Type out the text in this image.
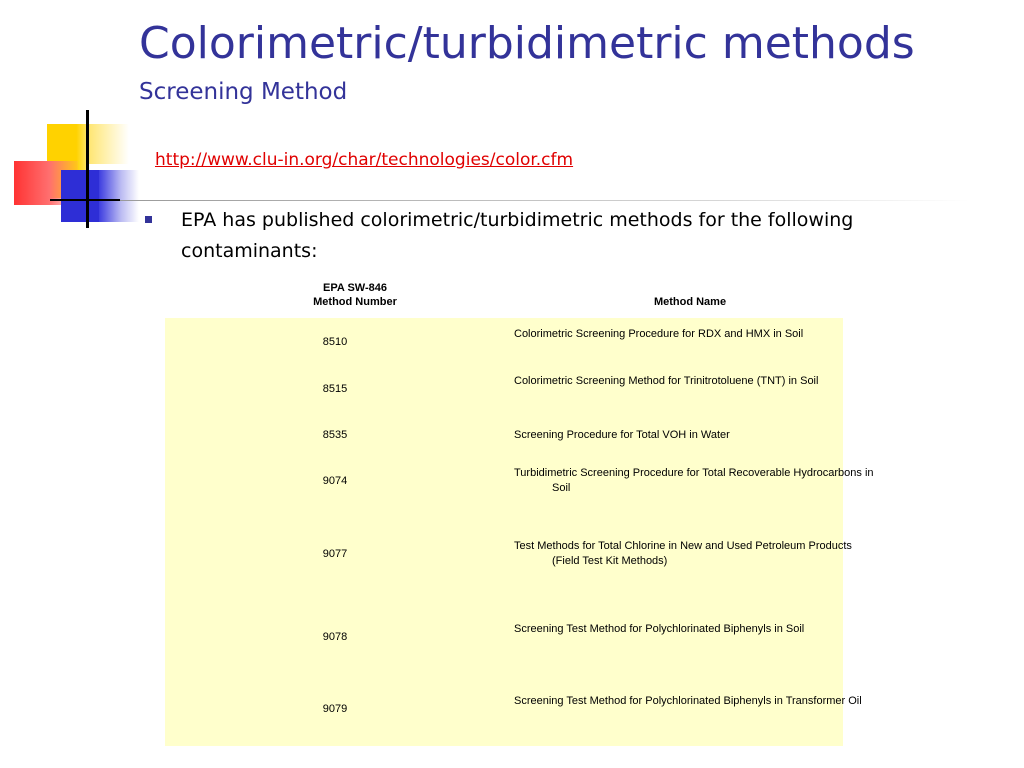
Colorimetric/turbidimetric methods
Screening Method
http://www.clu-in.org/char/technologies/color.cfm
EPA has published colorimetric/turbidimetric methods for the following contaminants:
EPA SW-846
Method Number	Method Name
8510
Colorimetric Screening Procedure for RDX and HMX in Soil
8515
Colorimetric Screening Method for Trinitrotoluene (TNT) in Soil
8535	Screening Procedure for Total VOH in Water
9074
Turbidimetric Screening Procedure for Total Recoverable Hydrocarbons in Soil
9077
Test Methods for Total Chlorine in New and Used Petroleum Products (Field Test Kit Methods)
9078
Screening Test Method for Polychlorinated Biphenyls in Soil
9079
Screening Test Method for Polychlorinated Biphenyls in Transformer Oil
